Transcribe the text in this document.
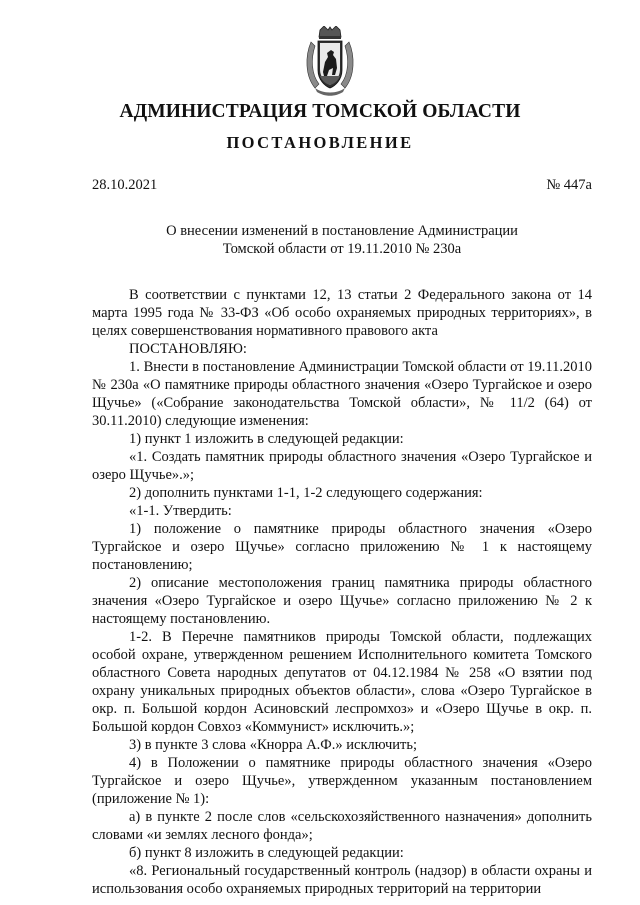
АДМИНИСТРАЦИЯ ТОМСКОЙ ОБЛАСТИ
ПОСТАНОВЛЕНИЕ
28.10.2021	№ 447а
О внесении изменений в постановление Администрации
Томской области от 19.11.2010 № 230а

В соответствии с пунктами 12, 13 статьи 2 Федерального закона от 14 марта 1995 года № 33-ФЗ «Об особо охраняемых природных территориях», в целях совершенствования нормативного правового акта

ПОСТАНОВЛЯЮ:

1. Внести в постановление Администрации Томской области от 19.11.2010 № 230а «О памятнике природы областного значения «Озеро Тургайское и озеро Щучье» («Собрание законодательства Томской области», № 11/2 (64) от 30.11.2010) следующие изменения:

1) пункт 1 изложить в следующей редакции:

«1. Создать памятник природы областного значения «Озеро Тургайское и озеро Щучье».»;

2) дополнить пунктами 1-1, 1-2 следующего содержания:

«1-1. Утвердить:

1) положение о памятнике природы областного значения «Озеро Тургайское и озеро Щучье» согласно приложению № 1 к настоящему постановлению;

2) описание местоположения границ памятника природы областного значения «Озеро Тургайское и озеро Щучье» согласно приложению № 2 к настоящему постановлению.

1-2. В Перечне памятников природы Томской области, подлежащих особой охране, утвержденном решением Исполнительного комитета Томского областного Совета народных депутатов от 04.12.1984 № 258 «О взятии под охрану уникальных природных объектов области», слова «Озеро Тургайское в окр. п. Большой кордон Асиновский леспромхоз» и «Озеро Щучье в окр. п. Большой кордон Совхоз «Коммунист» исключить.»;

3) в пункте 3 слова «Кнорра А.Ф.» исключить;

4) в Положении о памятнике природы областного значения «Озеро Тургайское и озеро Щучье», утвержденном указанным постановлением (приложение № 1):

а) в пункте 2 после слов «сельскохозяйственного назначения» дополнить словами «и землях лесного фонда»;

б) пункт 8 изложить в следующей редакции:

«8. Региональный государственный контроль (надзор) в области охраны и использования особо охраняемых природных территорий на территории
